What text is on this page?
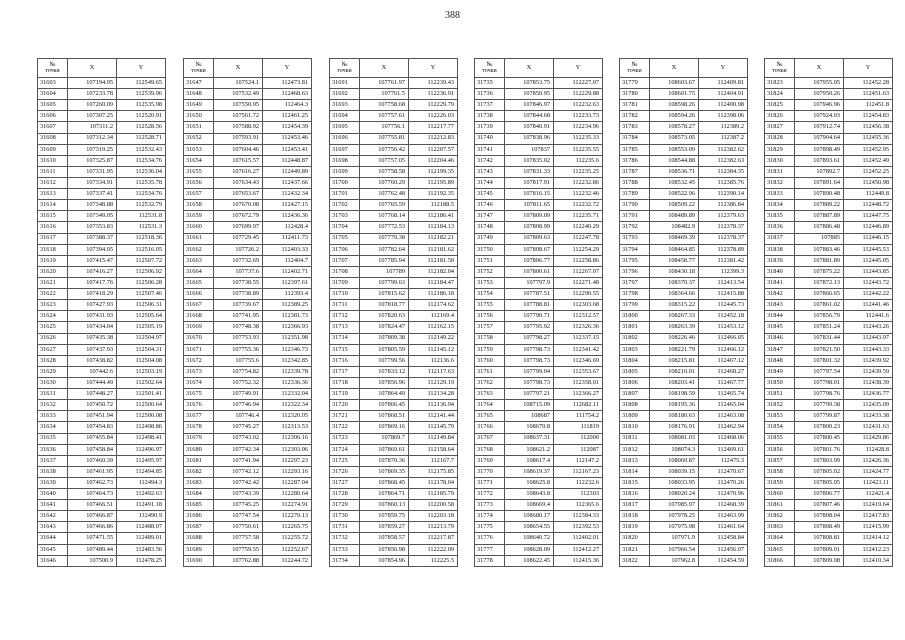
388
№
точки	X	Y
31603	107194.95	112549.65
31604	107233.78	112539.96
31605	107260.09	112535.98
31606	107307.25	112520.91
31607	107311.2	112528.56
31608	107312.34	112528.71
31609	107319.25	112532.43
31610	107325.87	112534.76
31611	107331.95	112536.04
31612	107334.91	112535.78
31613	107337.41	112534.76
31614	107348.88	112532.79
31615	107349.05	112531.8
31616	107353.83	112531.3
31617	107388.37	112518.36
31618	107394.05	112516.05
31619	107415.47	112507.72
31620	107416.27	112506.92
31621	107417.76	112506.28
31622	107418.29	112507.46
31623	107427.93	112506.31
31624	107431.93	112505.64
31625	107434.04	112505.19
31626	107435.38	112504.97
31627	107437.93	112504.31
31628	107438.82	112504.08
31629	107442.6	112503.19
31630	107444.49	112502.64
31631	107448.27	112501.41
31632	107450.72	112500.64
31633	107451.94	112500.08
31634	107454.83	112498.86
31635	107455.84	112498.41
31636	107458.84	112496.97
31637	107460.39	112495.97
31638	107461.95	112494.85
31639	107462.73	112494.3
31640	107464.73	112492.63
31641	107466.51	112491.18
31642	107466.87	112490.9
31643	107466.86	112488.07
31644	107471.55	112489.01
31645	107489.44	112483.56
31646	107500.9	112478.25
№
точки	X	Y
31647	107524.1	112473.81
31648	107532.49	112468.63
31649	107550.95	112464.3
31650	107561.72	112461.25
31651	107588.92	112454.39
31652	107593.91	112453.46
31653	107604.46	112453.41
31654	107615.57	112448.87
31655	107616.27	112449.89
31656	107634.43	112437.66
31657	107653.67	112432.34
31658	107670.08	112427.15
31659	107672.79	112436.36
31660	107699.97	112428.4
31661	107729.45	112411.73
31662	107726.2	112403.33
31663	107732.69	112404.7
31664	107737.6	112402.71
31665	107738.55	112397.61
31666	107738.89	112393.4
31667	107739.67	112389.25
31668	107741.95	112381.73
31669	107748.38	112366.93
31670	107753.93	112351.98
31671	107755.36	112346.73
31672	107755.6	112342.85
31673	107754.82	112339.78
31674	107752.32	112336.36
31675	107749.91	112332.04
31676	107746.94	112322.34
31677	107746.4	112320.05
31678	107745.27	112313.53
31679	107743.02	112306.16
31680	107742.34	112303.06
31681	107741.94	112297.23
31682	107742.12	112293.16
31683	107742.42	112287.04
31684	107743.39	112280.64
31685	107745.25	112274.91
31686	107747.54	112270.13
31687	107750.61	112265.75
31688	107757.58	112255.72
31689	107759.55	112252.67
31690	107762.88	112244.72
№
точки	X	Y
31691	107761.97	112239.43
31692	107761.5	112236.91
31693	107758.68	112229.79
31694	107757.61	112226.03
31695	107756.1	112217.77
31696	107755.81	112212.83
31697	107756.42	112207.57
31698	107757.05	112204.46
31699	107758.58	112199.35
31700	107760.29	112195.89
31701	107762.48	112192.35
31702	107765.59	112188.5
31703	107768.14	112186.41
31704	107772.53	112184.13
31705	107779.38	112182.21
31706	107782.64	112181.62
31707	107785.94	112181.58
31708	107789	112182.04
31709	107799.63	112184.47
31710	107815.62	112186.18
31711	107818.77	112174.62
31712	107820.63	112169.4
31713	107824.47	112162.15
31714	107809.38	112149.22
31715	107805.59	112145.12
31716	107799.56	112136.6
31717	107833.12	112117.63
31718	107856.96	112129.19
31719	107864.49	112134.28
31720	107866.45	112136.94
31721	107868.51	112141.44
31722	107869.16	112145.79
31723	107869.7	112149.84
31724	107869.61	112158.64
31725	107870.36	112167.7
31726	107869.35	112175.85
31727	107868.45	112178.04
31728	107864.71	112185.79
31729	107860.13	112200.58
31730	107859.75	112203.18
31731	107859.27	112213.79
31732	107858.57	112217.87
31733	107856.98	112222.09
31734	107854.96	112225.5
№
точки	X	Y
31735	107853.75	112227.07
31736	107850.95	112229.88
31737	107846.97	112232.63
31738	107844.68	112233.73
31739	107840.91	112234.96
31740	107838.96	112235.33
31741	107837	112235.55
31742	107835.02	112235.6
31743	107831.33	112235.25
31744	107817.91	112232.86
31745	107816.15	112232.46
31746	107811.65	112232.72
31747	107809.09	112235.71
31748	107808.99	112240.29
31749	107809.63	112247.78
31750	107808.67	112254.29
31751	107806.77	112258.86
31752	107800.61	112267.07
31753	107797.9	112271.48
31754	107787.51	112290.55
31755	107788.81	112303.68
31756	107790.71	112312.57
31757	107795.92	112326.36
31758	107798.27	112337.15
31759	107798.73	112341.42
31760	107798.73	112346.69
31761	107799.04	112353.67
31762	107798.73	112358.01
31763	107797.21	112366.27
31764	108715.09	112682.11
31765	108687	111754.2
31766	108670.8	111819
31767	108637.31	112000
31768	108621.2	112087
31769	108617.4	112147.2
31770	108619.37	112167.23
31771	108625.8	112232.6
31772	108643.8	112303
31773	108669.4	112365.6
31774	108680.17	112384.33
31775	108654.55	112392.53
31776	108640.72	112402.01
31777	108628.09	112412.27
31778	108622.45	112415.36
№
точки	X	Y
31779	108603.67	112409.81
31780	108601.75	112404.91
31781	108598.26	112400.98
31782	108594.26	112398.06
31783	108578.27	112389.2
31784	108573.05	112387.2
31785	108553.09	112382.62
31786	108544.88	112382.63
31787	108536.71	112384.35
31788	108532.45	112385.76
31789	108522.96	112390.14
31790	108509.22	112386.84
31791	108489.89	112379.63
31792	108482.9	112378.37
31793	108469.39	112378.37
31794	108464.85	112378.89
31795	108458.77	112381.42
31796	108430.18	112399.3
31797	108370.37	112413.54
31798	108364.66	112415.88
31799	108315.22	112445.73
31800	108267.33	112452.18
31801	108263.39	112453.12
31802	108226.46	112466.05
31803	108221.79	112466.12
31804	108215.81	112467.12
31805	108210.01	112468.27
31806	108203.41	112467.77
31807	108198.59	112465.74
31808	108195.36	112465.04
31809	108180.63	112463.08
31810	108176.91	112462.94
31811	108081.03	112468.06
31812	108074.3	112469.61
31813	108060.87	112475.3
31814	108039.15	112470.67
31815	108033.95	112470.26
31816	108020.24	112470.96
31817	107985.97	112468.39
31818	107978.25	112463.99
31819	107975.98	112461.64
31820	107971.9	112458.84
31821	107966.54	112456.07
31822	107962.8	112454.59
№
точки	X	Y
31823	107955.05	112452.28
31824	107950.26	112451.63
31825	107946.96	112451.8
31826	107924.03	112454.83
31827	107912.74	112456.38
31828	107904.64	112455.36
31829	107898.49	112452.95
31830	107893.61	112452.49
31831	107892.7	112452.25
31832	107891.64	112450.98
31833	107890.48	112449.8
31834	107889.22	112448.72
31835	107887.89	112447.75
31836	107886.48	112446.89
31837	107885	112446.15
31838	107883.46	112445.53
31839	107881.89	112445.05
31840	107875.22	112443.85
31841	107872.13	112443.72
31842	107866.65	112442.22
31843	107861.02	112441.46
31844	107856.79	112441.6
31845	107851.24	112443.26
31846	107831.44	112443.97
31847	107821.50	112443.33
31848	107801.32	112439.92
31849	107797.54	112439.59
31850	107798.01	112438.39
31851	107798.76	112436.77
31852	107799.38	112435.09
31853	107799.87	112433.38
31854	107800.23	112431.63
31855	107800.45	112429.86
31856	107801.76	112428.8
31857	107803.99	112426.36
31858	107805.02	112424.77
31859	107805.95	112423.11
31860	107806.77	112421.4
31861	107807.46	112419.64
31862	107808.04	112417.83
31863	107808.49	112415.99
31864	107808.81	112414.12
31865	107809.01	112412.23
31866	107809.08	112410.34
